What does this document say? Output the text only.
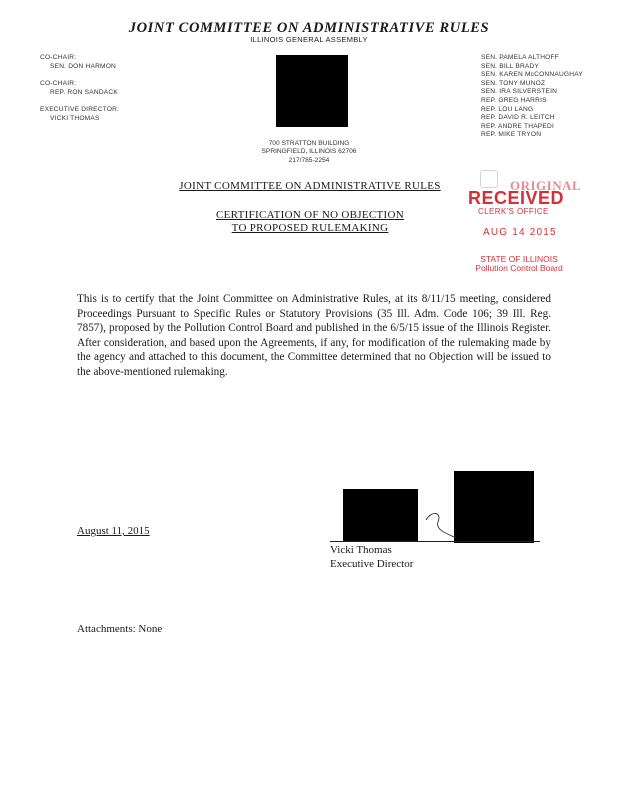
JOINT COMMITTEE ON ADMINISTRATIVE RULES
ILLINOIS GENERAL ASSEMBLY
CO-CHAIR:
SEN. DON HARMON
CO-CHAIR:
REP. RON SANDACK
EXECUTIVE DIRECTOR:
VICKI THOMAS
SEN. PAMELA ALTHOFF
SEN. BILL BRADY
SEN. KAREN McCONNAUGHAY
SEN. TONY MUNOZ
SEN. IRA SILVERSTEIN
REP. GREG HARRIS
REP. LOU LANG
REP. DAVID R. LEITCH
REP. ANDRE THAPEDI
REP. MIKE TRYON
700 STRATTON BUILDING
SPRINGFIELD, ILLINOIS 62706
217/785-2254
JOINT COMMITTEE ON ADMINISTRATIVE RULES
CERTIFICATION OF NO OBJECTION
TO PROPOSED RULEMAKING
ORIGINAL
RECEIVED
CLERK'S OFFICE
AUG 14 2015
STATE OF ILLINOIS
Pollution Control Board
This is to certify that the Joint Committee on Administrative Rules, at its 8/11/15 meeting, considered Proceedings Pursuant to Specific Rules or Statutory Provisions (35 Ill. Adm. Code 106; 39 Ill. Reg. 7857), proposed by the Pollution Control Board and published in the 6/5/15 issue of the Illinois Register. After consideration, and based upon the Agreements, if any, for modification of the rulemaking made by the agency and attached to this document, the Committee determined that no Objection will be issued to the above-mentioned rulemaking.
August 11, 2015
Vicki Thomas
Executive Director
Attachments: None
